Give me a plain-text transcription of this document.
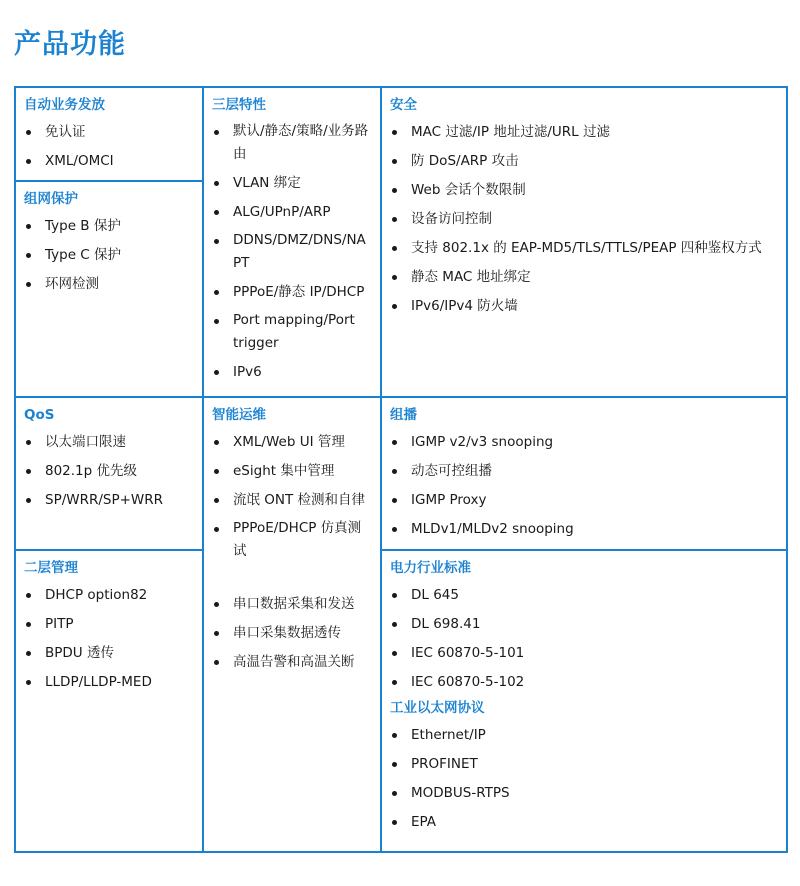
产品功能
自动业务发放
免认证
XML/OMCI
组网保护
Type B 保护
Type C 保护
环网检测
三层特性
默认/静态/策略/业务路由
VLAN 绑定
ALG/UPnP/ARP
DDNS/DMZ/DNS/NAPT
PPPoE/静态 IP/DHCP
Port mapping/Port trigger
IPv6
安全
MAC 过滤/IP 地址过滤/URL 过滤
防 DoS/ARP 攻击
Web 会话个数限制
设备访问控制
支持 802.1x 的 EAP-MD5/TLS/TTLS/PEAP 四种鉴权方式
静态 MAC 地址绑定
IPv6/IPv4 防火墙
QoS
以太端口限速
802.1p 优先级
SP/WRR/SP+WRR
二层管理
DHCP option82
PITP
BPDU 透传
LLDP/LLDP-MED
智能运维
XML/Web UI 管理
eSight 集中管理
流氓 ONT 检测和自律
PPPoE/DHCP 仿真测试
串口数据采集和发送
串口采集数据透传
高温告警和高温关断
组播
IGMP v2/v3 snooping
动态可控组播
IGMP Proxy
MLDv1/MLDv2 snooping
电力行业标准
DL 645
DL 698.41
IEC 60870-5-101
IEC 60870-5-102
工业以太网协议
Ethernet/IP
PROFINET
MODBUS-RTPS
EPA
